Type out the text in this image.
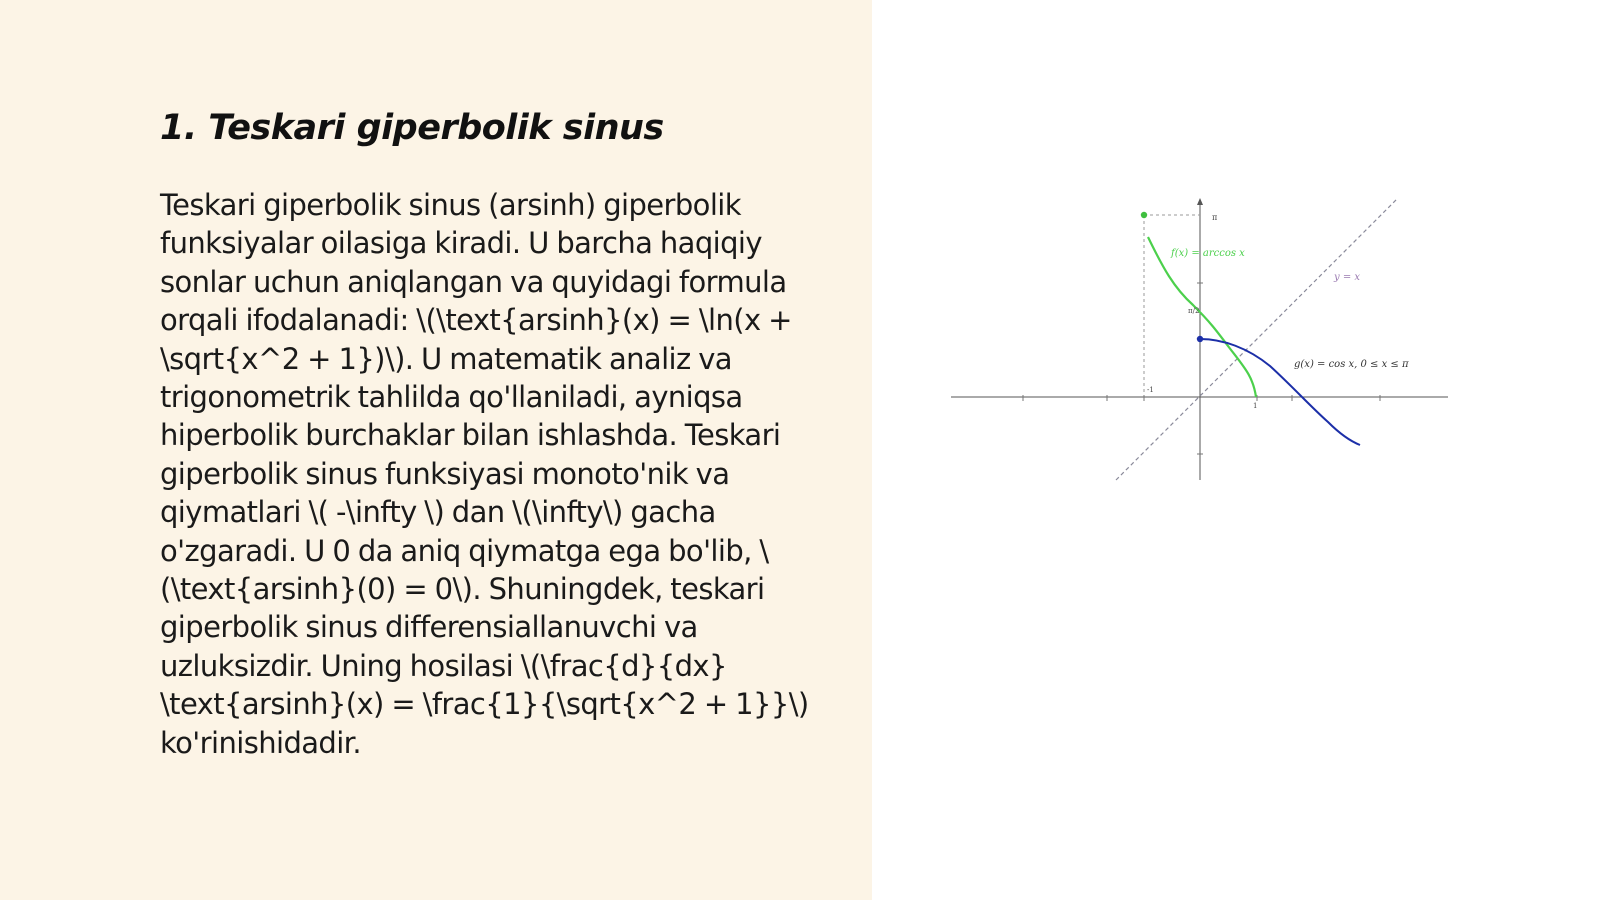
1. Teskari giperbolik sinus

Teskari giperbolik sinus (arsinh) giperbolik funksiyalar oilasiga kiradi. U barcha haqiqiy sonlar uchun aniqlangan va quyidagi formula orqali ifodalanadi: \(\text{arsinh}(x) = \ln(x + \sqrt{x^2 + 1})\). U matematik analiz va trigonometrik tahlilda qo'llaniladi, ayniqsa hiperbolik burchaklar bilan ishlashda. Teskari giperbolik sinus funksiyasi monoto'nik va qiymatlari \( -\infty \) dan \(\infty\) gacha o'zgaradi. U 0 da aniq qiymatga ega bo'lib, \(\text{arsinh}(0) = 0\). Shuningdek, teskari giperbolik sinus differensiallanuvchi va uzluksizdir. Uning hosilasi \(\frac{d}{dx} \text{arsinh}(x) = \frac{1}{\sqrt{x^2 + 1}}\) ko'rinishidadir.

π
π/2
1
-1
f(x) = arccos x
y = x
g(x) = cos x, 0 ≤ x ≤ π
